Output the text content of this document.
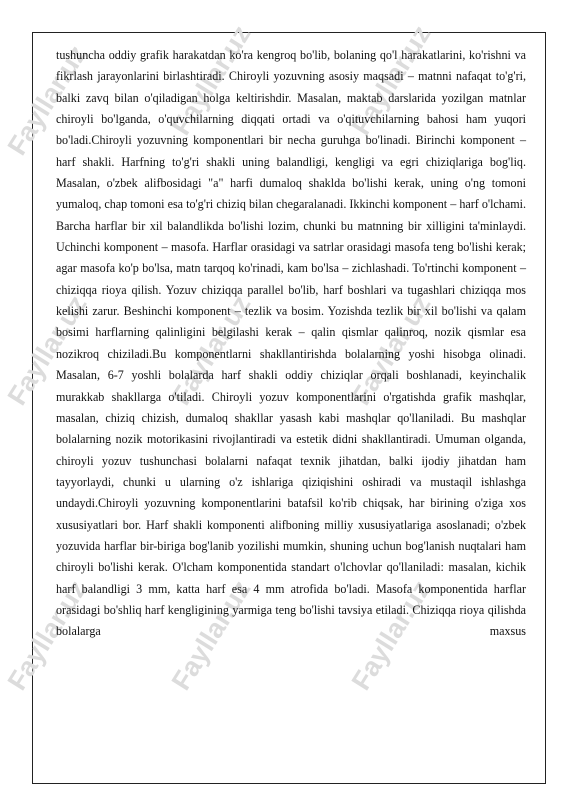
Fayllar.uz	Fayllar.uz	Fayllar.uz
Fayllar.uz	Fayllar.uz	Fayllar.uz
Fayllar.uz	Fayllar.uz	Fayllar.uz

tushuncha oddiy grafik harakatdan ko'ra kengroq bo'lib, bolaning qo'l harakatlarini, ko'rishni va fikrlash jarayonlarini birlashtiradi. Chiroyli yozuvning asosiy maqsadi – matnni nafaqat to'g'ri, balki zavq bilan o'qiladigan holga keltirishdir. Masalan, maktab darslarida yozilgan matnlar chiroyli bo'lganda, o'quvchilarning diqqati ortadi va o'qituvchilarning bahosi ham yuqori bo'ladi.Chiroyli yozuvning komponentlari bir necha guruhga bo'linadi. Birinchi komponent – harf shakli. Harfning to'g'ri shakli uning balandligi, kengligi va egri chiziqlariga bog'liq. Masalan, o'zbek alifbosidagi "a" harfi dumaloq shaklda bo'lishi kerak, uning o'ng tomoni yumaloq, chap tomoni esa to'g'ri chiziq bilan chegaralanadi. Ikkinchi komponent – harf o'lchami. Barcha harflar bir xil balandlikda bo'lishi lozim, chunki bu matnning bir xilligini ta'minlaydi. Uchinchi komponent – masofa. Harflar orasidagi va satrlar orasidagi masofa teng bo'lishi kerak; agar masofa ko'p bo'lsa, matn tarqoq ko'rinadi, kam bo'lsa – zichlashadi. To'rtinchi komponent – chiziqqa rioya qilish. Yozuv chiziqqa parallel bo'lib, harf boshlari va tugashlari chiziqqa mos kelishi zarur. Beshinchi komponent – tezlik va bosim. Yozishda tezlik bir xil bo'lishi va qalam bosimi harflarning qalinligini belgilashi kerak – qalin qismlar qalinroq, nozik qismlar esa nozikroq chiziladi.Bu komponentlarni shakllantirishda bolalarning yoshi hisobga olinadi. Masalan, 6-7 yoshli bolalarda harf shakli oddiy chiziqlar orqali boshlanadi, keyinchalik murakkab shakllarga o'tiladi. Chiroyli yozuv komponentlarini o'rgatishda grafik mashqlar, masalan, chiziq chizish, dumaloq shakllar yasash kabi mashqlar qo'llaniladi. Bu mashqlar bolalarning nozik motorikasini rivojlantiradi va estetik didni shakllantiradi. Umuman olganda, chiroyli yozuv tushunchasi bolalarni nafaqat texnik jihatdan, balki ijodiy jihatdan ham tayyorlaydi, chunki u ularning o'z ishlariga qiziqishini oshiradi va mustaqil ishlashga undaydi.Chiroyli yozuvning komponentlarini batafsil ko'rib chiqsak, har birining o'ziga xos xususiyatlari bor. Harf shakli komponenti alifboning milliy xususiyatlariga asoslanadi; o'zbek yozuvida harflar bir-biriga bog'lanib yozilishi mumkin, shuning uchun bog'lanish nuqtalari ham chiroyli bo'lishi kerak. O'lcham komponentida standart o'lchovlar qo'llaniladi: masalan, kichik harf balandligi 3 mm, katta harf esa 4 mm atrofida bo'ladi. Masofa komponentida harflar orasidagi bo'shliq harf kengligining yarmiga teng bo'lishi tavsiya etiladi. Chiziqqa rioya qilishda bolalarga maxsus
